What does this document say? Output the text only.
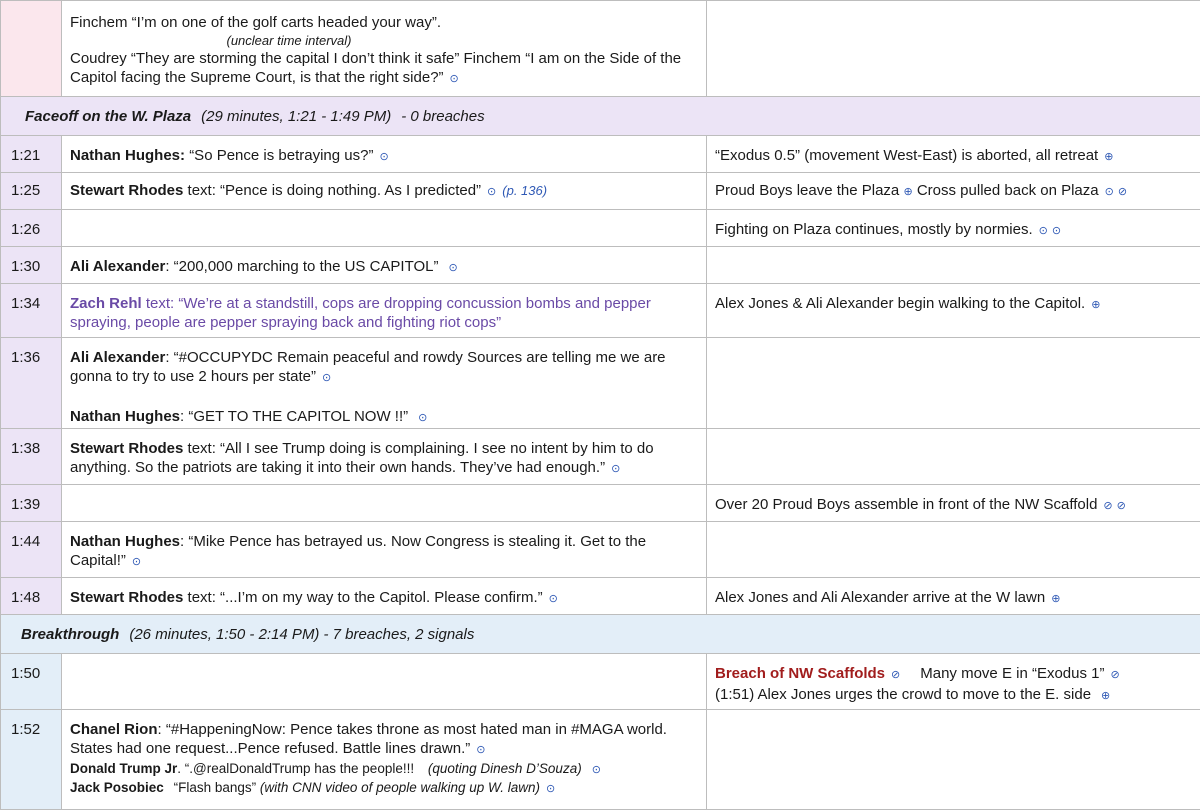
	Finchem “I’m on one of the golf carts headed your way”.
(unclear time interval)
Coudrey “They are storming the capital I don’t think it safe” Finchem “I am on the Side of the Capitol facing the Supreme Court, is that the right side?” ⊙	

Faceoff on the W. Plaza (29 minutes, 1:21 - 1:49 PM) - 0 breaches		
1:21	Nathan Hughes: “So Pence is betraying us?” ⊙	“Exodus 0.5” (movement West-East) is aborted, all retreat ⊕
1:25	Stewart Rhodes text: “Pence is doing nothing. As I predicted” ⊙ (p. 136)	Proud Boys leave the Plaza ⊕ Cross pulled back on Plaza ⊙ ⊘
1:26		Fighting on Plaza continues, mostly by normies. ⊙ ⊙
1:30	Ali Alexander: “200,000 marching to the US CAPITOL” ⊙	
1:34	Zach Rehl text: “We’re at a standstill, cops are dropping concussion bombs and pepper spraying, people are pepper spraying back and fighting riot cops”	Alex Jones & Ali Alexander begin walking to the Capitol. ⊕
1:36	Ali Alexander: “#OCCUPYDC Remain peaceful and rowdy Sources are telling me we are gonna to try to use 2 hours per state” ⊙
Nathan Hughes: “GET TO THE CAPITOL NOW !!” ⊙	

1:38	Stewart Rhodes text: “All I see Trump doing is complaining. I see no intent by him to do anything. So the patriots are taking it into their own hands. They’ve had enough.” ⊙	
1:39		Over 20 Proud Boys assemble in front of the NW Scaffold ⊘ ⊘
1:44	Nathan Hughes: “Mike Pence has betrayed us. Now Congress is stealing it. Get to the Capital!” ⊙	
1:48	Stewart Rhodes text: “...I’m on my way to the Capitol. Please confirm.” ⊙	Alex Jones and Ali Alexander arrive at the W lawn ⊕
Breakthrough (26 minutes, 1:50 - 2:14 PM) - 7 breaches, 2 signals		
1:50		Breach of NW Scaffolds ⊘ Many move E in “Exodus 1” ⊘
(1:51) Alex Jones urges the crowd to move to the E. side ⊕

1:52	Chanel Rion: “#HappeningNow: Pence takes throne as most hated man in #MAGA world. States had one request...Pence refused. Battle lines drawn.” ⊙
Donald Trump Jr. “.@realDonaldTrump has the people!!! (quoting Dinesh D’Souza) ⊙
Jack Posobiec “Flash bangs” (with CNN video of people walking up W. lawn) ⊙	
